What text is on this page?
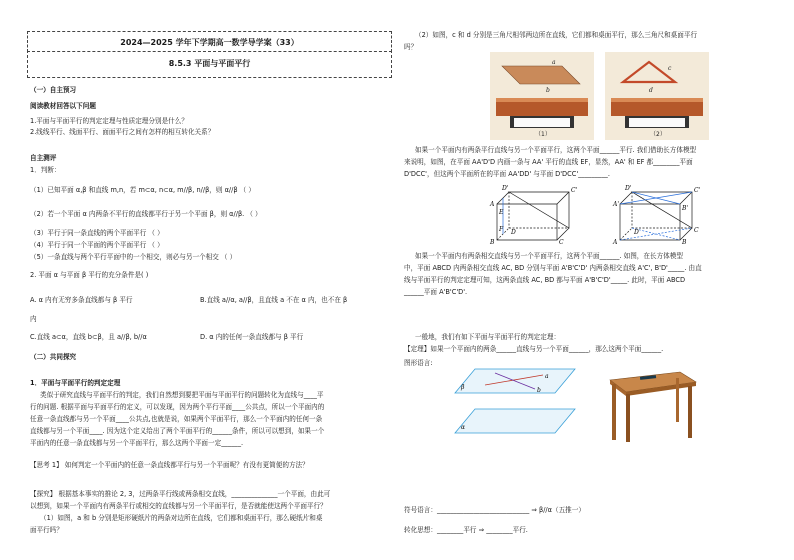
2024—2025 学年下学期高一数学导学案（33）
8.5.3 平面与平面平行
（一）自主预习
阅读教材回答以下问题
1.平面与平面平行的判定定理与性质定理分别是什么？
2.线线平行、线面平行、面面平行之间有怎样的相互转化关系？
自主测评
1．判断：
（1）已知平面 α,β 和直线 m,n，若 m⊂α, n⊂α, m//β, n//β，则 α//β （ ）
（2）若一个平面 α 内两条不平行的直线都平行于另一个平面 β，则 α//β. （ ）
（3）平行于同一条直线的两个平面平行 （ ）
（4）平行于同一个平面的两个平面平行 （ ）
（5）一条直线与两个平行平面中的一个相交，则必与另一个相交 （ ）
2. 平面 α 与平面 β 平行的充分条件是( )
A. α 内有无穷多条直线都与 β 平行	B.直线 a//α, a//β，且直线 a 不在 α 内，也不在 β
内
C.直线 a⊂α，直线 b⊂β，且 a//β, b//α	D. α 内的任何一条直线都与 β 平行
（二）共同探究
1．平面与平面平行的判定定理
类似于研究直线与平面平行的判定，我们自然想到要把平面与平面平行的问题转化为直线与____平
行的问题. 根据平面与平面平行的定义，可以发现，因为两个平行平面____公共点，所以一个平面内的
任意一条直线都与另一个平面____公共点,也就是说，如果两个平面平行，那么一个平面内的任何一条
直线都与另一个平面____. 因为这个定义给出了两个平面平行的______条件，所以可以想到，如果一个
平面内的任意一条直线都与另一个平面平行，那么这两个平面一定______.
【思考 1】 如何判定一个平面内的任意一条直线都平行与另一个平面呢？有没有更简便的方法？
【探究】 根据基本事实的推论 2, 3，过两条平行线或两条相交直线，______________一个平面，由此可
以想到，如果一个平面内有两条平行或相交的直线都与另一个平面平行，是否就能使这两个平面平行？
（1）如图，a 和 b 分别是矩形硬纸片的两条对边所在直线，它们都和桌面平行，那么硬纸片和桌
面平行吗？
（2）如图，c 和 d 分别是三角尺相邻两边所在直线，它们都和桌面平行，那么三角尺和桌面平行
吗？
a
b
（1）
c
d
（2）
如果一个平面内有两条平行直线与另一个平面平行，这两个平面______平行. 我们借助长方体模型
来说明，如图，在平面 AA'D'D 内画一条与 AA' 平行的直线 EF，显然，AA' 和 EF 都________平面
D'DCC'，但这两个平面所在的平面 AA'DD' 与平面 D'DCC'_________.
A
C
B
D
D'	C'
E
F
A'
B'
D'	C'
A	B
D	C
如果一个平面内有两条相交直线与另一个平面平行，这两个平面______. 如图，在长方体模型
中，平面 ABCD 内两条相交直线 AC, BD 分别与平面 A'B'C'D' 内两条相交直线 A'C', B'D'_____. 由直
线与平面平行的判定定理可知，这两条直线 AC, BD 都与平面 A'B'C'D'_____. 此时，平面 ABCD
______平面 A'B'C'D'.
一般地，我们有如下平面与平面平行的判定定理：
【定理】如果一个平面内的两条______直线与另一个平面______，那么这两个平面______.
图形语言:
β
α
a
b
符号语言：____________________________ ⇒ β//α（五推一）
转化思想：________平行 ⇒ ________平行.
